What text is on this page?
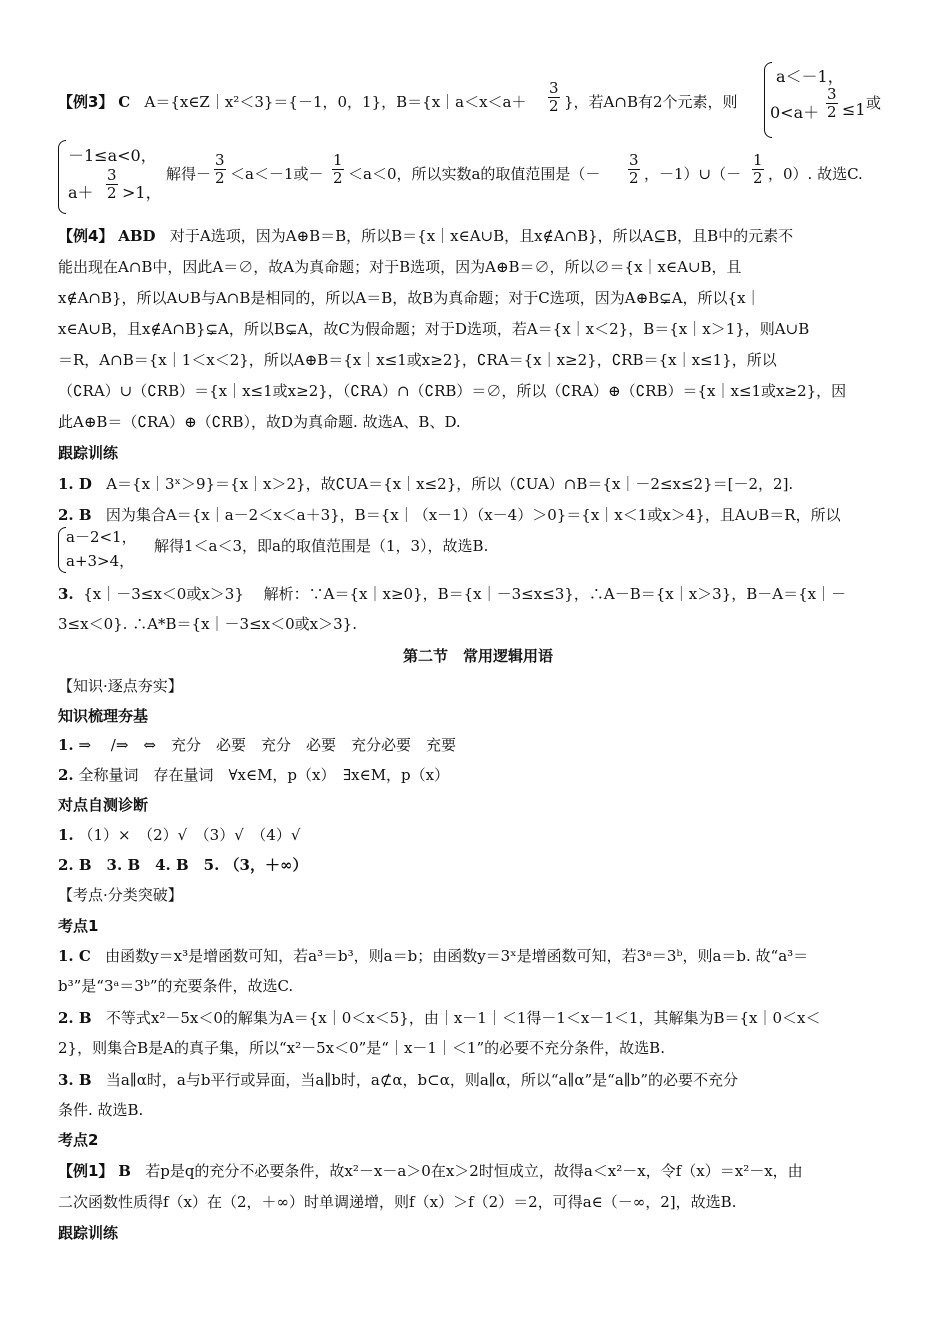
【例3】 C A＝{x∈Z｜x²＜3}＝{－1，0，1}，B＝{x｜a＜x＜a＋	$\frac{3}{2}$ }，若A∩B有2个元素，则
a＜－1，
$0<a+ \frac{3}{2} \le 1$ 或
－1≤a<0，
$a+ \frac{3}{2} >1$，
解得－ $\frac{3}{2} <a<-1$或－ $\frac{1}{2} <a<0$，所以实数a的取值范围是（－	$\frac{3}{2}$ ，－1）∪（－ $\frac{1}{2}$ ，0）. 故选C.
【例4】 ABD 对于A选项，因为A⊕B＝B，所以B＝{x｜x∈A∪B，且x∉A∩B}，所以A⊆B，且B中的元素不
能出现在A∩B中，因此A＝∅，故A为真命题；对于B选项，因为A⊕B＝∅，所以∅＝{x｜x∈A∪B，且
x∉A∩B}，所以A∪B与A∩B是相同的，所以A＝B，故B为真命题；对于C选项，因为A⊕B⊊A，所以{x｜
x∈A∪B，且x∉A∩B}⊊A，所以B⊊A，故C为假命题；对于D选项，若A＝{x｜x＜2}，B＝{x｜x＞1}，则A∪B
＝R，A∩B＝{x｜1＜x＜2}，所以A⊕B＝{x｜x≤1或x≥2}，∁RA＝{x｜x≥2}，∁RB＝{x｜x≤1}，所以
（∁RA）∪（∁RB）＝{x｜x≤1或x≥2}，（∁RA）∩（∁RB）＝∅，所以（∁RA）⊕（∁RB）＝{x｜x≤1或x≥2}，因
此A⊕B＝（∁RA）⊕（∁RB），故D为真命题. 故选A、B、D.
跟踪训练
1. D A＝{x｜3ˣ＞9}＝{x｜x＞2}，故∁UA＝{x｜x≤2}，所以（∁UA）∩B＝{x｜－2≤x≤2}＝[－2，2].
2. B 因为集合A＝{x｜a－2＜x＜a＋3}，B＝{x｜（x－1）（x－4）＞0}＝{x｜x＜1或x＞4}，且A∪B＝R，所以
a－2<1，
a+3>4，
解得1＜a＜3，即a的取值范围是（1，3），故选B.
3. {x｜－3≤x＜0或x＞3}　 解析：∵A＝{x｜x≥0}，B＝{x｜－3≤x≤3}，∴A－B＝{x｜x＞3}，B－A＝{x｜－
3≤x＜0}. ∴A*B＝{x｜－3≤x＜0或x＞3}.
第二节　常用逻辑用语
【知识·逐点夯实】
知识梳理夯基
1. ⇒　 /⇒　⇔　充分　必要　充分　必要　充分必要　充要
2. 全称量词　存在量词　∀x∈M，p（x）　∃x∈M，p（x）
对点自测诊断
1. （1）×　（2）√　（3）√　（4）√
2. B　3. B　4. B　5. （3，＋∞）
【考点·分类突破】
考点1
1. C 由函数y＝x³是增函数可知，若a³＝b³，则a＝b；由函数y＝3ˣ是增函数可知，若3ᵃ＝3ᵇ，则a＝b. 故“a³＝
b³”是“3ᵃ＝3ᵇ”的充要条件，故选C.
2. B 不等式x²－5x＜0的解集为A＝{x｜0＜x＜5}，由｜x－1｜＜1得－1＜x－1＜1，其解集为B＝{x｜0＜x＜
2}，则集合B是A的真子集，所以“x²－5x＜0”是“｜x－1｜＜1”的必要不充分条件，故选B.
3. B 当a∥α时，a与b平行或异面，当a∥b时，a⊄α，b⊂α，则a∥α，所以“a∥α”是“a∥b”的必要不充分
条件. 故选B.
考点2
【例1】 B 若p是q的充分不必要条件，故x²－x－a＞0在x＞2时恒成立，故得a＜x²－x，令f（x）＝x²－x，由
二次函数性质得f（x）在（2，＋∞）时单调递增，则f（x）＞f（2）＝2，可得a∈（－∞，2]，故选B.
跟踪训练
